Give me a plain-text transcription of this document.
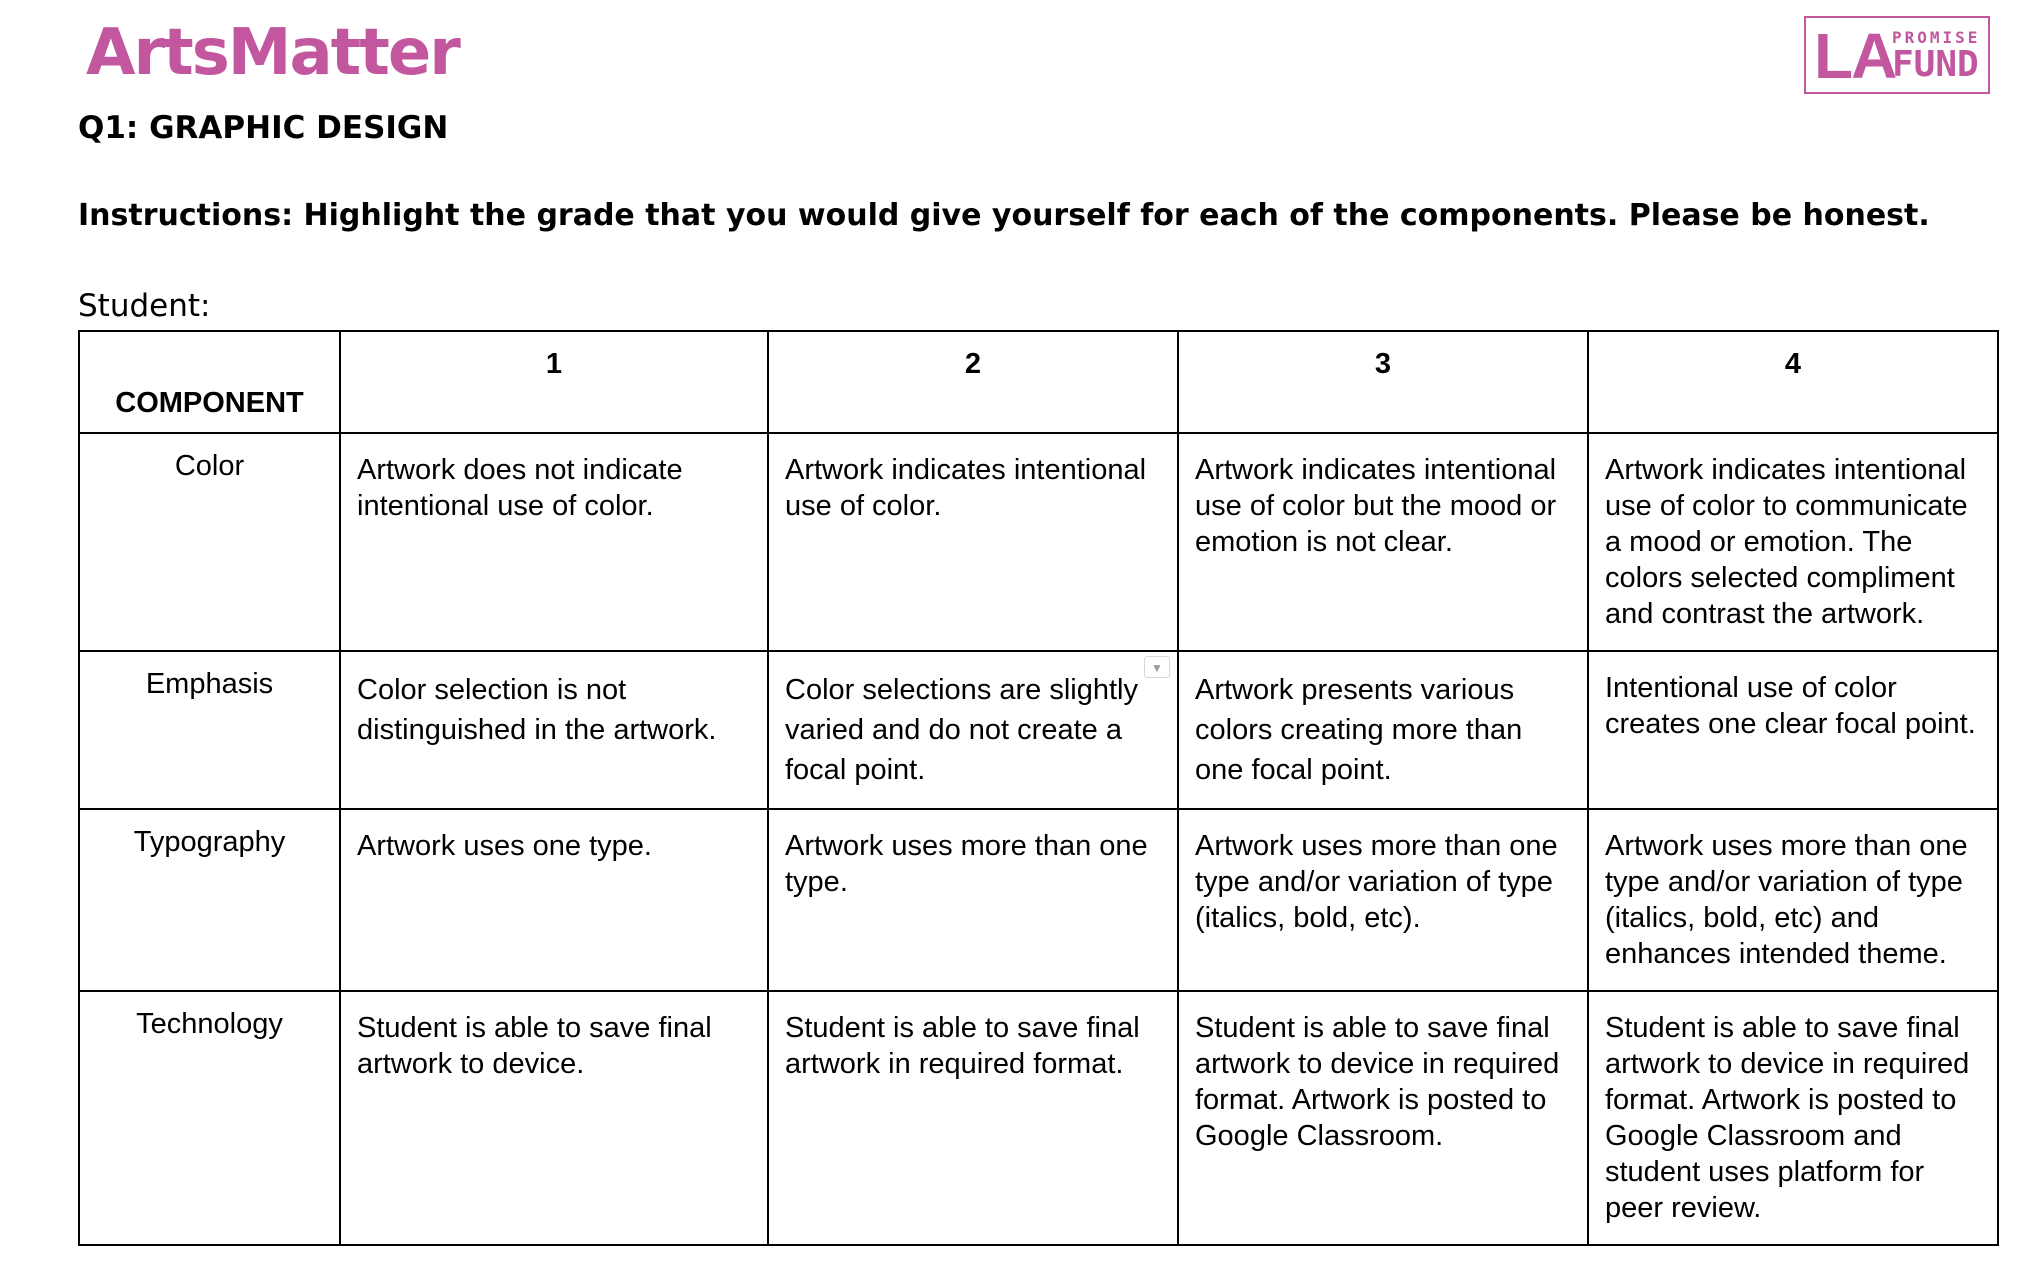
ArtsMatter	LA
PROMISE
FUND
Q1: GRAPHIC DESIGN
Instructions: Highlight the grade that you would give yourself for each of the components. Please be honest.
Student:
COMPONENT	1	2	3	4
Color	Artwork does not indicate intentional use of color.	Artwork indicates intentional use of color.	Artwork indicates intentional use of color but the mood or emotion is not clear.	Artwork indicates intentional use of color to communicate a mood or emotion. The colors selected compliment and contrast the artwork.
Emphasis	Color selection is not distinguished in the artwork.	Color selections are slightly varied and do not create a focal point.	Artwork presents various colors creating more than one focal point.	Intentional use of color creates one clear focal point.
Typography	Artwork uses one type.	Artwork uses more than one type.	Artwork uses more than one type and/or variation of type (italics, bold, etc).	Artwork uses more than one type and/or variation of type (italics, bold, etc) and enhances intended theme.
Technology	Student is able to save final artwork to device.	Student is able to save final artwork in required format.	Student is able to save final artwork to device in required format. Artwork is posted to Google Classroom.	Student is able to save final artwork to device in required format. Artwork is posted to Google Classroom and student uses platform for peer review.
▼
